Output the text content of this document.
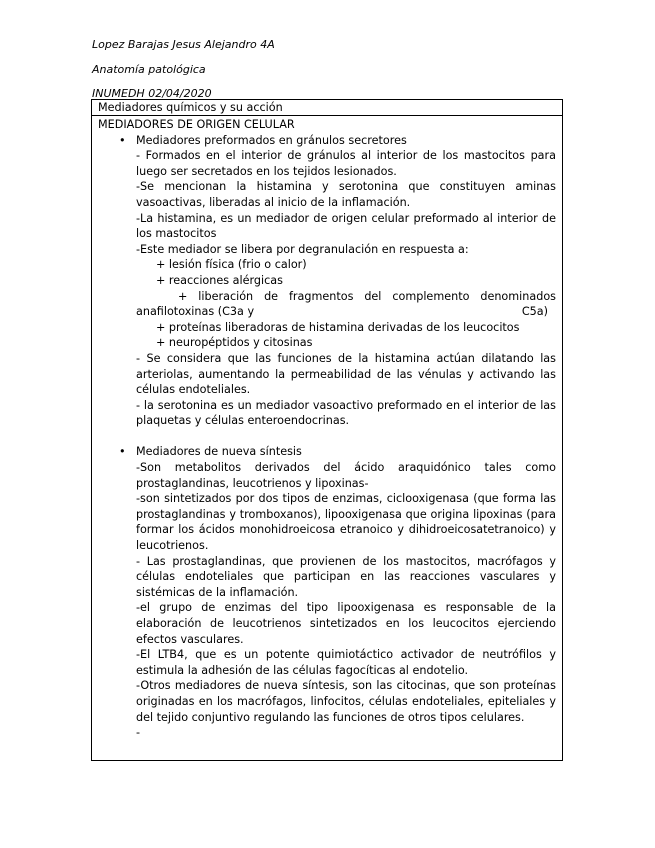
Lopez Barajas Jesus Alejandro 4A
Anatomía patológica
INUMEDH 02/04/2020
Mediadores químicos y su acción
MEDIADORES DE ORIGEN CELULAR
• Mediadores preformados en gránulos secretores

- Formados en el interior de gránulos al interior de los mastocitos para luego ser secretados en los tejidos lesionados.

-Se mencionan la histamina y serotonina que constituyen aminas vasoactivas, liberadas al inicio de la inflamación.

-La histamina, es un mediador de origen celular preformado al interior de los mastocitos

-Este mediador se libera por degranulación en respuesta a:

+ lesión física (frio o calor)
+ reacciones alérgicas

+ liberación de fragmentos del complemento denominados

anafilotoxinas (C3a y	C5a)
+ proteínas liberadoras de histamina derivadas de los leucocitos
+ neuropéptidos y citosinas

- Se considera que las funciones de la histamina actúan dilatando las arteriolas, aumentando la permeabilidad de las vénulas y activando las células endoteliales.

- la serotonina es un mediador vasoactivo preformado en el interior de las plaquetas y células enteroendocrinas.

• Mediadores de nueva síntesis

-Son metabolitos derivados del ácido araquidónico tales como prostaglandinas, leucotrienos y lipoxinas-

-son sintetizados por dos tipos de enzimas, ciclooxigenasa (que forma las prostaglandinas y tromboxanos), lipooxigenasa que origina lipoxinas (para formar los ácidos monohidroeicosa etranoico y dihidroeicosatetranoico) y leucotrienos.

- Las prostaglandinas, que provienen de los mastocitos, macrófagos y células endoteliales que participan en las reacciones vasculares y sistémicas de la inflamación.

-el grupo de enzimas del tipo lipooxigenasa es responsable de la elaboración de leucotrienos sintetizados en los leucocitos ejerciendo efectos vasculares.

-El LTB4, que es un potente quimiotáctico activador de neutrófilos y estimula la adhesión de las células fagocíticas al endotelio.

-Otros mediadores de nueva síntesis, son las citocinas, que son proteínas originadas en los macrófagos, linfocitos, células endoteliales, epiteliales y del tejido conjuntivo regulando las funciones de otros tipos celulares.

-
